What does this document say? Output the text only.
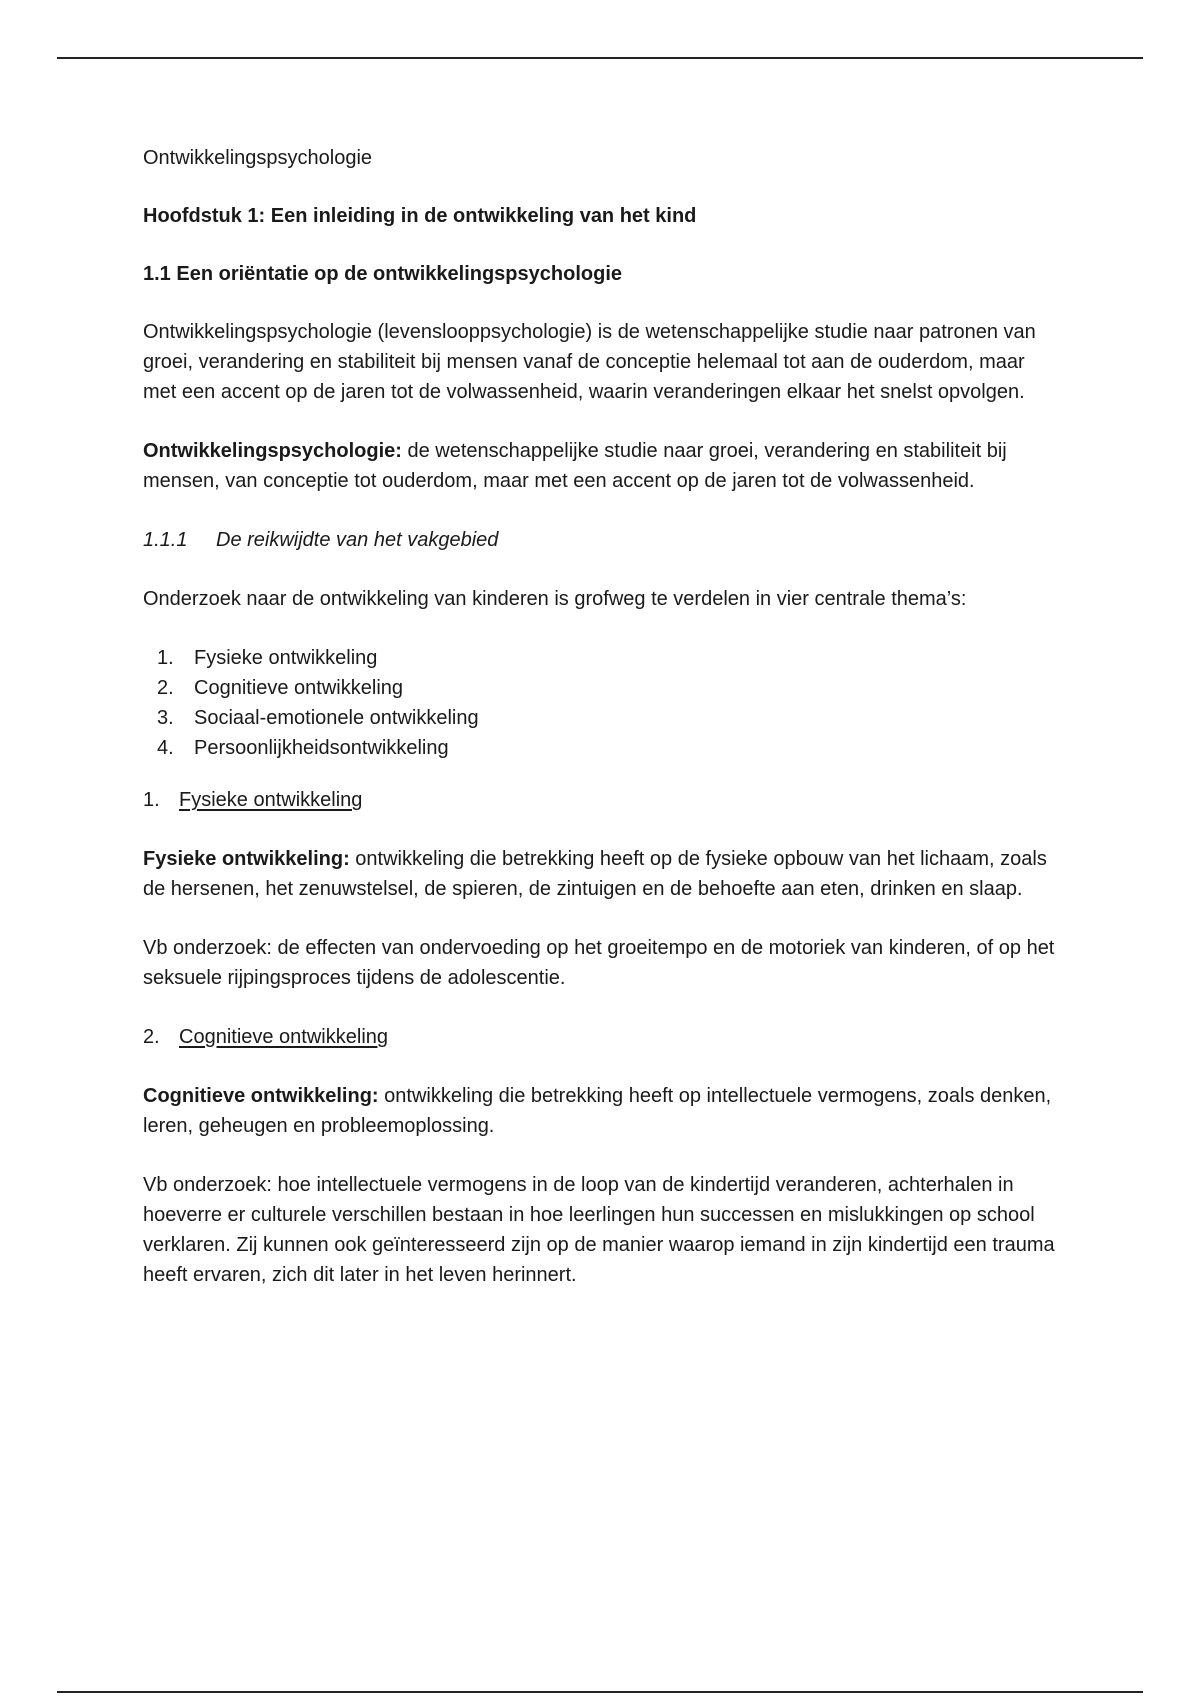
Ontwikkelingspsychologie

Hoofdstuk 1: Een inleiding in de ontwikkeling van het kind

1.1 Een oriëntatie op de ontwikkelingspsychologie

Ontwikkelingspsychologie (levenslooppsychologie) is de wetenschappelijke studie naar patronen van groei, verandering en stabiliteit bij mensen vanaf de conceptie helemaal tot aan de ouderdom, maar met een accent op de jaren tot de volwassenheid, waarin veranderingen elkaar het snelst opvolgen.

Ontwikkelingspsychologie: de wetenschappelijke studie naar groei, verandering en stabiliteit bij mensen, van conceptie tot ouderdom, maar met een accent op de jaren tot de volwassenheid.

1.1.1 De reikwijdte van het vakgebied

Onderzoek naar de ontwikkeling van kinderen is grofweg te verdelen in vier centrale thema’s:

1. Fysieke ontwikkeling
2. Cognitieve ontwikkeling
3. Sociaal-emotionele ontwikkeling
4. Persoonlijkheidsontwikkeling
1. Fysieke ontwikkeling

Fysieke ontwikkeling: ontwikkeling die betrekking heeft op de fysieke opbouw van het lichaam, zoals de hersenen, het zenuwstelsel, de spieren, de zintuigen en de behoefte aan eten, drinken en slaap.

Vb onderzoek: de effecten van ondervoeding op het groeitempo en de motoriek van kinderen, of op het seksuele rijpingsproces tijdens de adolescentie.

2. Cognitieve ontwikkeling

Cognitieve ontwikkeling: ontwikkeling die betrekking heeft op intellectuele vermogens, zoals denken, leren, geheugen en probleemoplossing.

Vb onderzoek: hoe intellectuele vermogens in de loop van de kindertijd veranderen, achterhalen in hoeverre er culturele verschillen bestaan in hoe leerlingen hun successen en mislukkingen op school verklaren. Zij kunnen ook geïnteresseerd zijn op de manier waarop iemand in zijn kindertijd een trauma heeft ervaren, zich dit later in het leven herinnert.
